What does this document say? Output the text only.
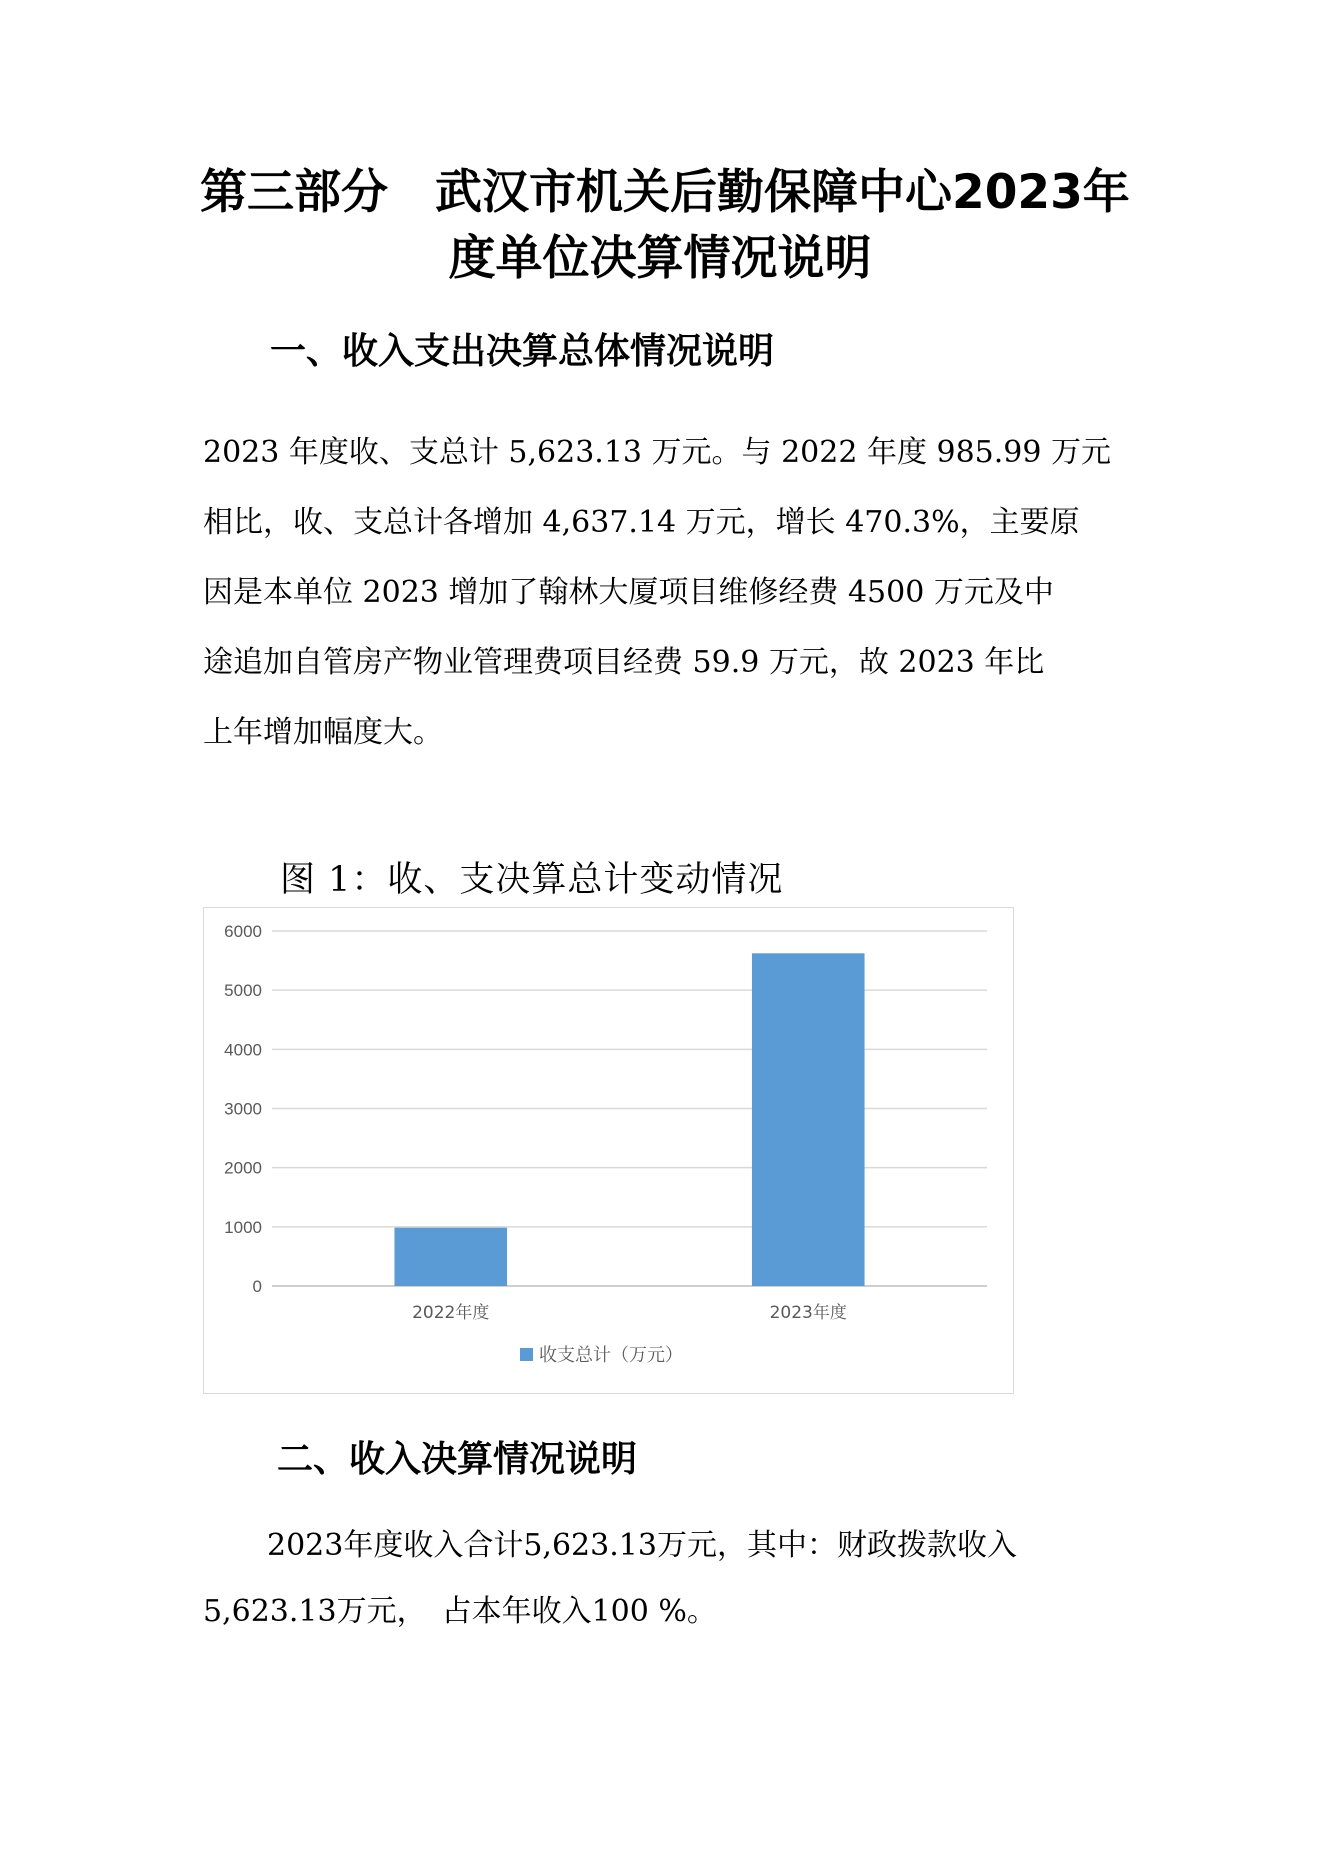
第三部分　武汉市机关后勤保障中心2023年
度单位决算情况说明
一、收入支出决算总体情况说明
2023 年度收、支总计 5,623.13 万元。与 2022 年度 985.99 万元
相比，收、支总计各增加 4,637.14 万元，增长 470.3%，主要原
因是本单位 2023 增加了翰林大厦项目维修经费 4500 万元及中
途追加自管房产物业管理费项目经费 59.9 万元，故 2023 年比
上年增加幅度大。
图 1：收、支决算总计变动情况
0
1000
2000
3000
4000
5000
6000
2022年度	2023年度
收支总计（万元）
二、收入决算情况说明
2023年度收入合计5,623.13万元，其中：财政拨款收入
5,623.13万元，　占本年收入100 %。
